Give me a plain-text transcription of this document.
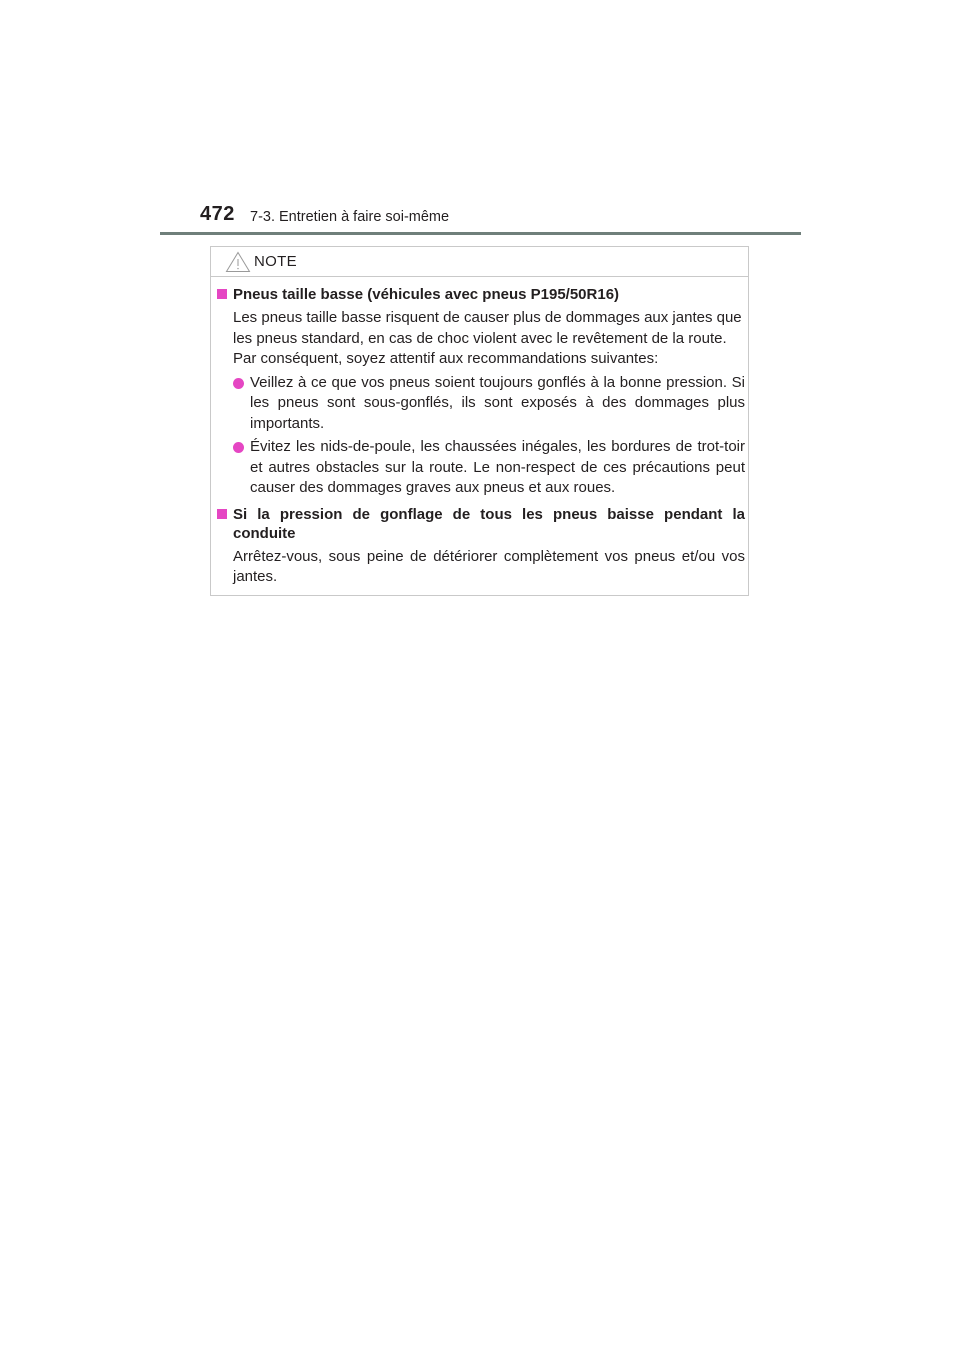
472 7-3. Entretien à faire soi-même
NOTE
Pneus taille basse (véhicules avec pneus P195/50R16)
Les pneus taille basse risquent de causer plus de dommages aux jantes que les pneus standard, en cas de choc violent avec le revêtement de la route. Par conséquent, soyez attentif aux recommandations suivantes:
Veillez à ce que vos pneus soient toujours gonflés à la bonne pression. Si les pneus sont sous-gonflés, ils sont exposés à des dommages plus importants.
Évitez les nids-de-poule, les chaussées inégales, les bordures de trot-toir et autres obstacles sur la route. Le non-respect de ces précautions peut causer des dommages graves aux pneus et aux roues.
Si la pression de gonflage de tous les pneus baisse pendant la conduite
Arrêtez-vous, sous peine de détériorer complètement vos pneus et/ou vos jantes.
